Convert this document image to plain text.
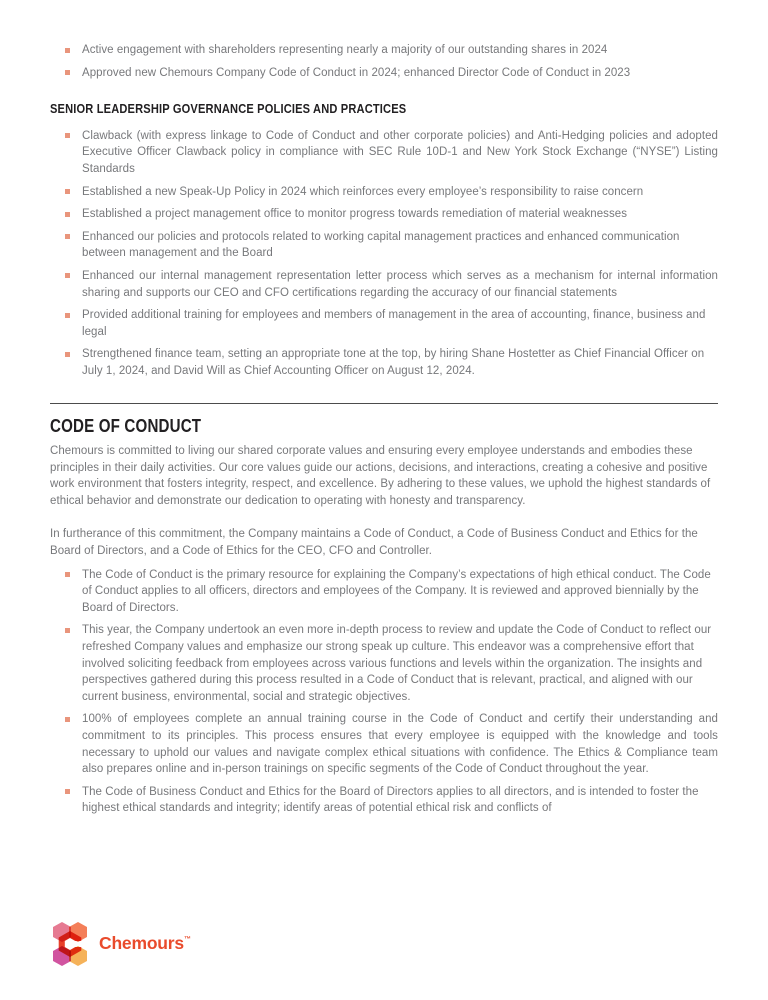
Active engagement with shareholders representing nearly a majority of our outstanding shares in 2024
Approved new Chemours Company Code of Conduct in 2024; enhanced Director Code of Conduct in 2023
SENIOR LEADERSHIP GOVERNANCE POLICIES AND PRACTICES
Clawback (with express linkage to Code of Conduct and other corporate policies) and Anti-Hedging policies and adopted Executive Officer Clawback policy in compliance with SEC Rule 10D-1 and New York Stock Exchange (“NYSE”) Listing Standards
Established a new Speak-Up Policy in 2024 which reinforces every employee’s responsibility to raise concern
Established a project management office to monitor progress towards remediation of material weaknesses
Enhanced our policies and protocols related to working capital management practices and enhanced communication between management and the Board
Enhanced our internal management representation letter process which serves as a mechanism for internal information sharing and supports our CEO and CFO certifications regarding the accuracy of our financial statements
Provided additional training for employees and members of management in the area of accounting, finance, business and legal
Strengthened finance team, setting an appropriate tone at the top, by hiring Shane Hostetter as Chief Financial Officer on July 1, 2024, and David Will as Chief Accounting Officer on August 12, 2024.
CODE OF CONDUCT

Chemours is committed to living our shared corporate values and ensuring every employee understands and embodies these principles in their daily activities. Our core values guide our actions, decisions, and interactions, creating a cohesive and positive work environment that fosters integrity, respect, and excellence. By adhering to these values, we uphold the highest standards of ethical behavior and demonstrate our dedication to operating with honesty and transparency.

In furtherance of this commitment, the Company maintains a Code of Conduct, a Code of Business Conduct and Ethics for the Board of Directors, and a Code of Ethics for the CEO, CFO and Controller.

The Code of Conduct is the primary resource for explaining the Company’s expectations of high ethical conduct. The Code of Conduct applies to all officers, directors and employees of the Company. It is reviewed and approved biennially by the Board of Directors.
This year, the Company undertook an even more in-depth process to review and update the Code of Conduct to reflect our refreshed Company values and emphasize our strong speak up culture. This endeavor was a comprehensive effort that involved soliciting feedback from employees across various functions and levels within the organization. The insights and perspectives gathered during this process resulted in a Code of Conduct that is relevant, practical, and aligned with our current business, environmental, social and strategic objectives.
100% of employees complete an annual training course in the Code of Conduct and certify their understanding and commitment to its principles. This process ensures that every employee is equipped with the knowledge and tools necessary to uphold our values and navigate complex ethical situations with confidence. The Ethics & Compliance team also prepares online and in-person trainings on specific segments of the Code of Conduct throughout the year.
The Code of Business Conduct and Ethics for the Board of Directors applies to all directors, and is intended to foster the highest ethical standards and integrity; identify areas of potential ethical risk and conflicts of
Chemours™
